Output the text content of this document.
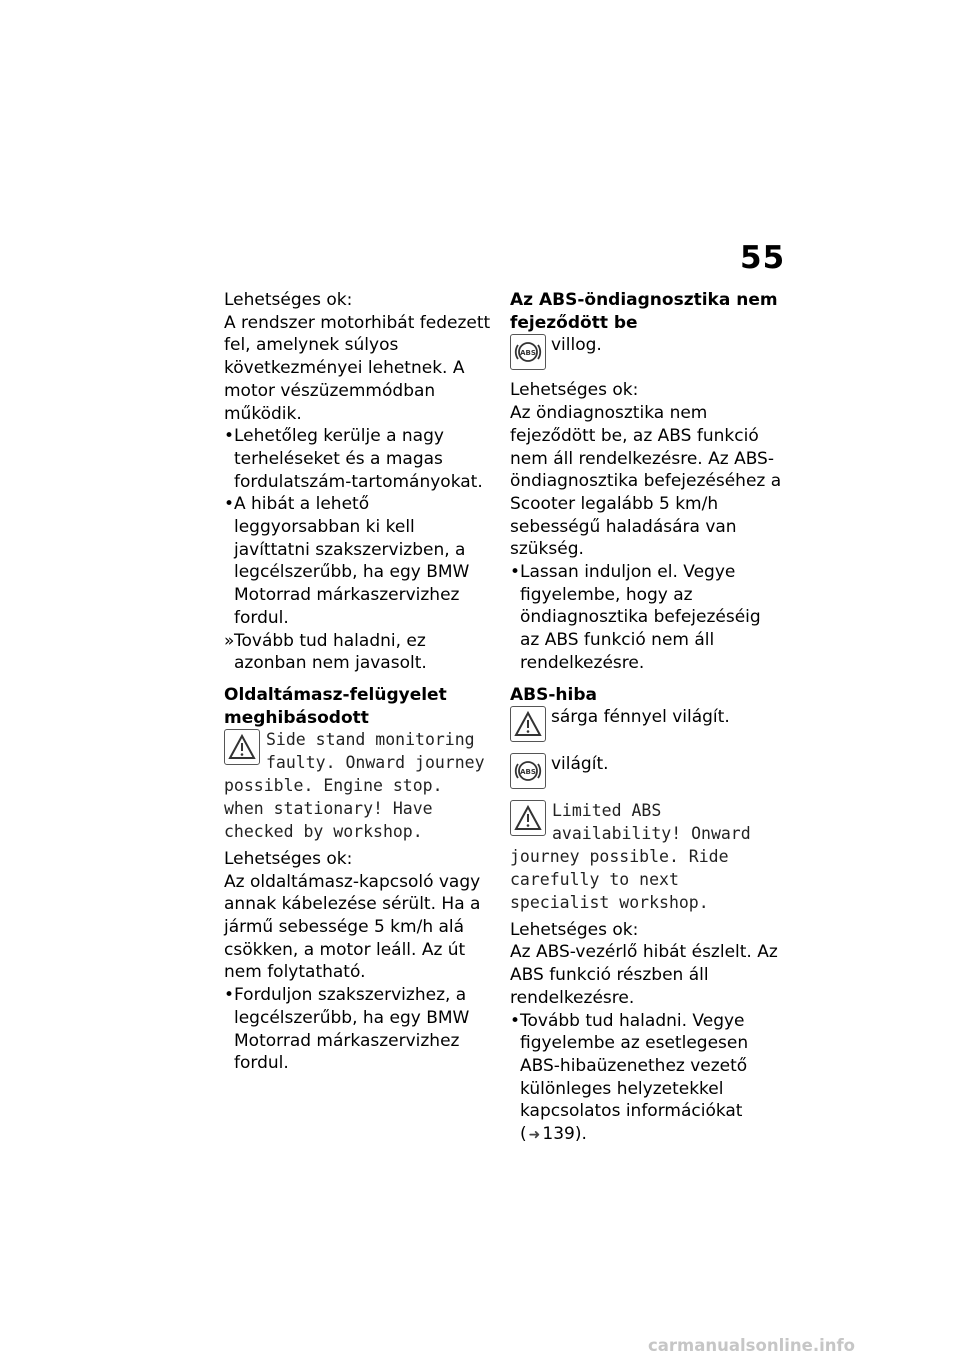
55

Lehetséges ok:

A rendszer motorhibát fedezett fel, amelynek súlyos következményei lehetnek. A motor vészüzemmódban működik.

• Lehetőleg kerülje a nagy terheléseket és a magas fordulatszám-tartományokat.
• A hibát a lehető leggyorsabban ki kell javíttatni szakszervizben, a legcélszerűbb, ha egy BMW Motorrad márkaszervizhez fordul.
» Tovább tud haladni, ez azonban nem javasolt.

Oldaltámasz-felügyelet meghibásodott

Side stand monitoring faulty. Onward journey possible. Engine stop. when stationary! Have checked by workshop.

Lehetséges ok:

Az oldaltámasz-kapcsoló vagy annak kábelezése sérült. Ha a jármű sebessége 5 km/h alá csökken, a motor leáll. Az út nem folytatható.

• Forduljon szakszervizhez, a legcélszerűbb, ha egy BMW Motorrad márkaszervizhez fordul.

Az ABS-öndiagnosztika nem fejeződött be

ABS villog.

Lehetséges ok:

Az öndiagnosztika nem fejeződött be, az ABS funkció nem áll rendelkezésre. Az ABS-öndiagnosztika befejezéséhez a Scooter legalább 5 km/h sebességű haladására van szükség.

• Lassan induljon el. Vegye figyelembe, hogy az öndiagnosztika befejezéséig az ABS funkció nem áll rendelkezésre.

ABS-hiba

sárga fénnyel világít.
ABS világít.

Limited ABS availability! Onward journey possible. Ride carefully to next specialist workshop.

Lehetséges ok:

Az ABS-vezérlő hibát észlelt. Az ABS funkció részben áll rendelkezésre.

• Tovább tud haladni. Vegye figyelembe az esetlegesen ABS-hibaüzenethez vezető különleges helyzetekkel kapcsolatos információkat ( ➜ 139).
carmanualsonline.info
